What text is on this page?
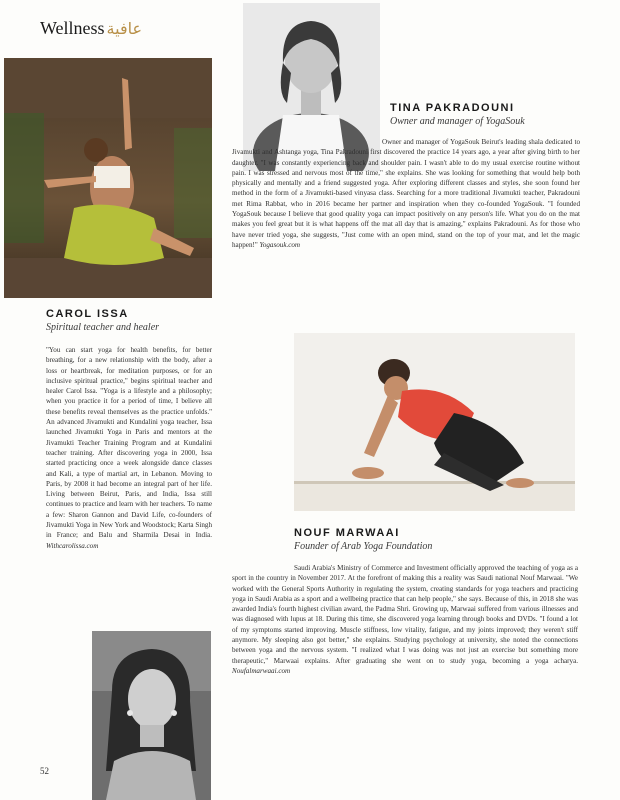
Wellness عافية
TINA PAKRADOUNI
Owner and manager of YogaSouk

Owner and manager of YogaSouk Beirut's leading shala dedicated to Jivamukti and Ashtanga yoga, Tina Pakradouni first discovered the practice 14 years ago, a year after giving birth to her daughter. "I was constantly experiencing back and shoulder pain. I wasn't able to do my usual exercise routine without pain. I was stressed and nervous most of the time," she explains. She was looking for something that would help both physically and mentally and a friend suggested yoga. After exploring different classes and styles, she soon found her method in the form of a Jivamukti-based vinyasa class. Searching for a more traditional Jivamukti teacher, Pakradouni met Rima Rabbat, who in 2016 became her partner and inspiration when they co-founded YogaSouk. "I founded YogaSouk because I believe that good quality yoga can impact positively on any person's life. What you do on the mat makes you feel great but it is what happens off the mat all day that is amazing," explains Pakradouni. As for those who have never tried yoga, she suggests, "Just come with an open mind, stand on the top of your mat, and let the magic happen!" Yogasouk.com

CAROL ISSA
Spiritual teacher and healer

"You can start yoga for health benefits, for better breathing, for a new relationship with the body, after a loss or heartbreak, for meditation purposes, or for an inclusive spiritual practice," begins spiritual teacher and healer Carol Issa. "Yoga is a lifestyle and a philosophy; when you practice it for a period of time, I believe all these benefits reveal themselves as the practice unfolds." An advanced Jivamukti and Kundalini yoga teacher, Issa launched Jivamukti Yoga in Paris and mentors at the Jivamukti Teacher Training Program and at Kundalini teacher training. After discovering yoga in 2000, Issa started practicing once a week alongside dance classes and Kali, a type of martial art, in Lebanon. Moving to Paris, by 2008 it had become an integral part of her life. Living between Beirut, Paris, and India, Issa still continues to practice and learn with her teachers. To name a few: Sharon Gannon and David Life, co-founders of Jivamukti Yoga in New York and Woodstock; Karta Singh in France; and Balu and Sharmila Desai in India. Withcarolissa.com

NOUF MARWAAI
Founder of Arab Yoga Foundation

Saudi Arabia's Ministry of Commerce and Investment officially approved the teaching of yoga as a sport in the country in November 2017. At the forefront of making this a reality was Saudi national Nouf Marwaai. "We worked with the General Sports Authority in regulating the system, creating standards for yoga teachers and practicing yoga in Saudi Arabia as a sport and a wellbeing practice that can help people," she says. Because of this, in 2018 she was awarded India's fourth highest civilian award, the Padma Shri. Growing up, Marwaai suffered from various illnesses and was diagnosed with lupus at 18. During this time, she discovered yoga learning through books and DVDs. "I found a lot of my symptoms started improving. Muscle stiffness, low vitality, fatigue, and my joints improved; they weren't stiff anymore. My sleeping also got better," she explains. Studying psychology at university, she noted the connections between yoga and the nervous system. "I realized what I was doing was not just an exercise but something more therapeutic," Marwaai explains. After graduating she went on to study yoga, becoming a yoga acharya. Noufalmarwaai.com

52
